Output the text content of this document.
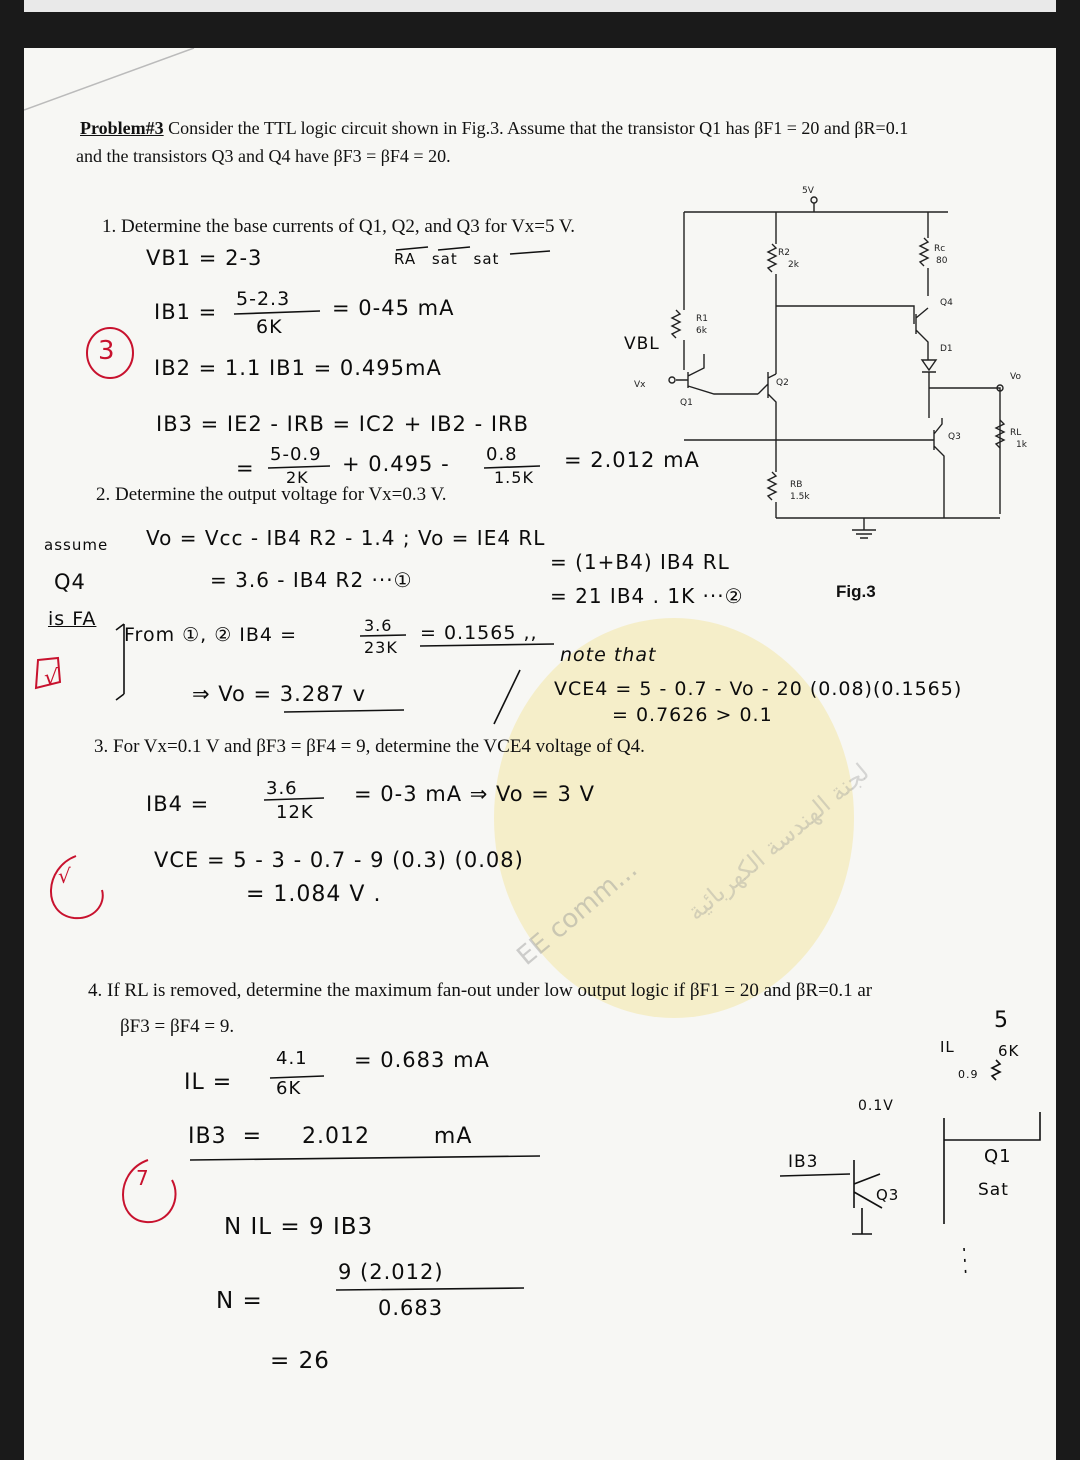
EE comm... لجنة الهندسة الكهربائية
Problem#3 Consider the TTL logic circuit shown in Fig.3. Assume that the transistor Q1 has βF1 = 20 and βR=0.1
and the transistors Q3 and Q4 have βF3 = βF4 = 20.
1. Determine the base currents of Q1, Q2, and Q3 for Vx=5 V.
VB1 = 2-3	RA sat sat
IB1 =
5-2.3
6K
= 0-45 mA
IB2 = 1.1 IB1 = 0.495mA
IB3 = IE2 - IRB = IC2 + IB2 - IRB
=
5-0.9
2K
+ 0.495 - 0.8
1.5K
= 2.012 mA
VBL
3
2. Determine the output voltage for Vx=0.3 V.
assume
Q4
is FA
Vo = Vcc - IB4 R2 - 1.4 ; Vo = IE4 RL
= 3.6 - IB4 R2 ···①
= (1+B4) IB4 RL
= 21 IB4 . 1K ···②
From ①, ② IB4 =	3.6
23K
= 0.1565 ,,
⇒ Vo = 3.287 v
note that
VCE4 = 5 - 0.7 - Vo - 20 (0.08)(0.1565)
= 0.7626 > 0.1
√
3. For Vx=0.1 V and βF3 = βF4 = 9, determine the VCE4 voltage of Q4.
IB4 =
3.6
12K
= 0-3 mA ⇒ Vo = 3 V
VCE = 5 - 3 - 0.7 - 9 (0.3) (0.08)
= 1.084 V .
√
4. If RL is removed, determine the maximum fan-out under low output logic if βF1 = 20 and βR=0.1 ar
βF3 = βF4 = 9.
IL =
4.1
6K
= 0.683 mA
IB3  =     2.012        mA
N IL = 9 IB3
N =
9 (2.012)
0.683
= 26
7
5
6K
IL
0.9
0.1V
IB3
Q3
Q1
Sat
5V
R2
2k
Rc
80
R1
6k
Q4
D1
Vo
Vx
Q1
Q2
Q3	RL
1k
RB
1.5k
Fig.3
